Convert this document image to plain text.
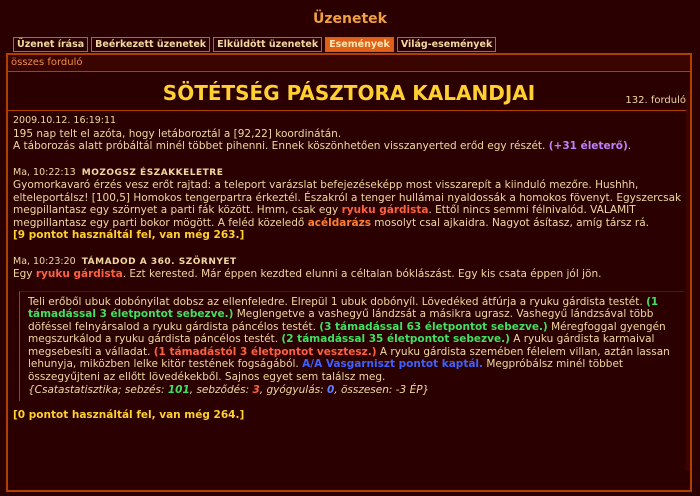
Üzenetek
Üzenet írása	Beérkezett üzenetek	Elküldött üzenetek	Események	Világ-események
összes forduló
SÖTÉTSÉG PÁSZTORA KALANDJAI	132. forduló
2009.10.12. 16:19:11
195 nap telt el azóta, hogy letáboroztál a [92,22] koordinátán.
A táborozás alatt próbáltál minél többet pihenni. Ennek köszönhetően visszanyerted erőd egy részét. (+31 életerő).
Ma, 10:22:13 MOZOGSZ ÉSZAKKELETRE
Gyomorkavaró érzés vesz erőt rajtad: a teleport varázslat befejezéseképp most visszarepít a kiinduló mezőre. Hushhh, elteleportálsz! [100,5] Homokos tengerpartra érkeztél. Északról a tenger hullámai nyaldossák a homokos fövenyt. Egyszercsak megpillantasz egy szörnyet a parti fák között. Hmm, csak egy ryuku gárdista. Ettől nincs semmi félnivalód. VALAMIT megpillantasz egy parti bokor mögött. A feléd közeledő acéldarázs mosolyt csal ajkaidra. Nagyot ásítasz, amíg társz rá.
[9 pontot használtál fel, van még 263.]
Ma, 10:23:20 TÁMADOD A 360. SZÖRNYET
Egy ryuku gárdista. Ezt kerested. Már éppen kezdted elunni a céltalan bóklászást. Egy kis csata éppen jól jön.
Teli erőből ubuk dobónyilat dobsz az ellenfeledre. Elrepül 1 ubuk dobónyíl. Lövedéked átfúrja a ryuku gárdista testét. (1 támadással 3 életpontot sebezve.) Meglengetve a vashegyű lándzsát a másikra ugrasz. Vashegyű lándzsával több döféssel felnyársalod a ryuku gárdista páncélos testét. (3 támadással 63 életpontot sebezve.) Méregfoggal gyengén megszurkálod a ryuku gárdista páncélos testét. (2 támadással 35 életpontot sebezve.) A ryuku gárdista karmaival megsebesíti a válladat. (1 támadástól 3 életpontot vesztesz.) A ryuku gárdista szemében félelem villan, aztán lassan lehunyja, miközben lelke kitör testének fogságából. A/A Vasgarniszt pontot kaptál. Megpróbálsz minél többet összegyűjteni az ellőtt lövedékekből. Sajnos egyet sem találsz meg.
{Csatastatisztika; sebzés: 101, sebződés: 3, gyógyulás: 0, összesen: -3 ÉP}
[0 pontot használtál fel, van még 264.]
